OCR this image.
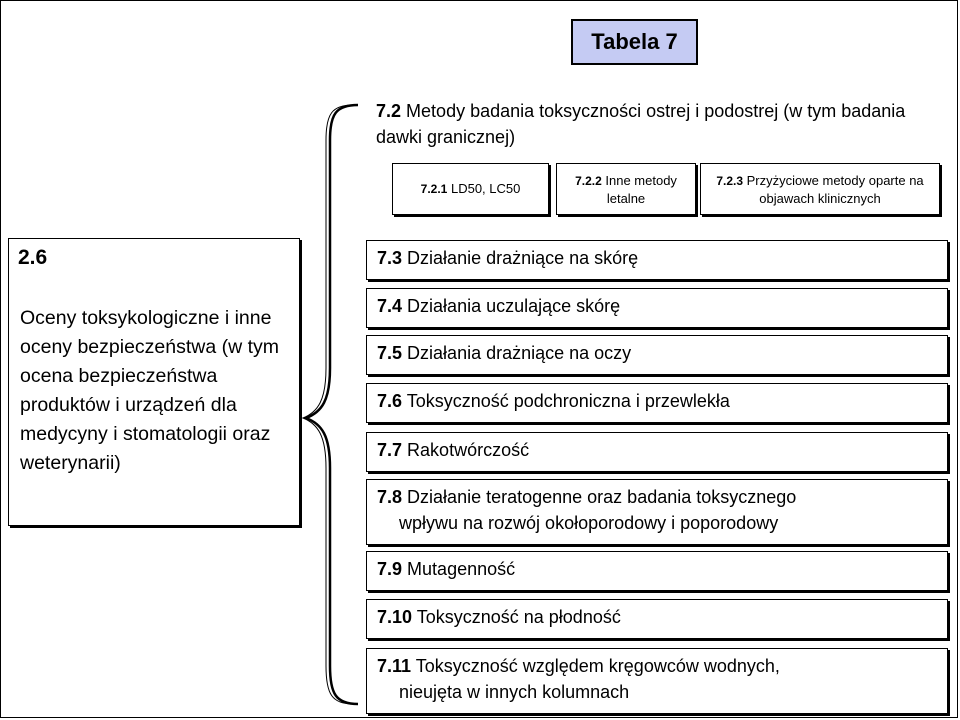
Tabela 7
7.2 Metody badania toksyczności ostrej i podostrej (w tym badania dawki granicznej)
7.2.1 LD50, LC50
7.2.2 Inne metody letalne
7.2.3 Przyżyciowe metody oparte na objawach klinicznych
2.6
Oceny toksykologiczne i inne oceny bezpieczeństwa (w tym ocena bezpieczeństwa produktów i urządzeń dla medycyny i stomatologii oraz weterynarii)
7.3 Działanie drażniące na skórę
7.4 Działania uczulające skórę
7.5 Działania drażniące na oczy
7.6 Toksyczność podchroniczna i przewlekła
7.7 Rakotwórczość
7.8 Działanie teratogenne oraz badania toksycznego
wpływu na rozwój okołoporodowy i poporodowy
7.9 Mutagenność
7.10 Toksyczność na płodność
7.11 Toksyczność względem kręgowców wodnych,
nieujęta w innych kolumnach
